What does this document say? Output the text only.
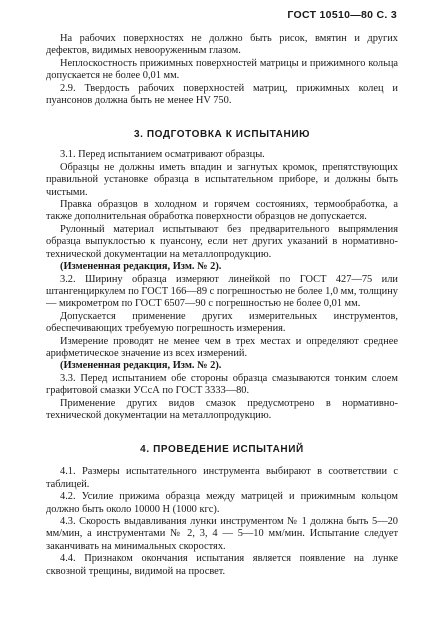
ГОСТ 10510—80 С. 3

На рабочих поверхностях не должно быть рисок, вмятин и других дефектов, видимых невооруженным глазом.

Неплоскостность прижимных поверхностей матрицы и прижимного кольца допускается не более 0,01 мм.

2.9. Твердость рабочих поверхностей матриц, прижимных колец и пуансонов должна быть не менее HV 750.

3. ПОДГОТОВКА К ИСПЫТАНИЮ

3.1. Перед испытанием осматривают образцы.

Образцы не должны иметь впадин и загнутых кромок, препятствующих правильной установке образца в испытательном приборе, и должны быть чистыми.

Правка образцов в холодном и горячем состояниях, термообработка, а также дополнительная обработка поверхности образцов не допускается.

Рулонный материал испытывают без предварительного выпрямления образца выпуклостью к пуансону, если нет других указаний в нормативно-технической документации на металлопродукцию.

(Измененная редакция, Изм. № 2).

3.2. Ширину образца измеряют линейкой по ГОСТ 427—75 или штангенциркулем по ГОСТ 166—89 с погрешностью не более 1,0 мм, толщину — микрометром по ГОСТ 6507—90 с погрешностью не более 0,01 мм.

Допускается применение других измерительных инструментов, обеспечивающих требуемую погрешность измерения.

Измерение проводят не менее чем в трех местах и определяют среднее арифметическое значение из всех измерений.

(Измененная редакция, Изм. № 2).

3.3. Перед испытанием обе стороны образца смазываются тонким слоем графитовой смазки УСсА по ГОСТ 3333—80.

Применение других видов смазок предусмотрено в нормативно-технической документации на металлопродукцию.

4. ПРОВЕДЕНИЕ ИСПЫТАНИЙ

4.1. Размеры испытательного инструмента выбирают в соответствии с таблицей.

4.2. Усилие прижима образца между матрицей и прижимным кольцом должно быть около 10000 Н (1000 кгс).

4.3. Скорость выдавливания лунки инструментом № 1 должна быть 5—20 мм/мин, а инструментами № 2, 3, 4 — 5—10 мм/мин. Испытание следует заканчивать на минимальных скоростях.

4.4. Признаком окончания испытания является появление на лунке сквозной трещины, видимой на просвет.
